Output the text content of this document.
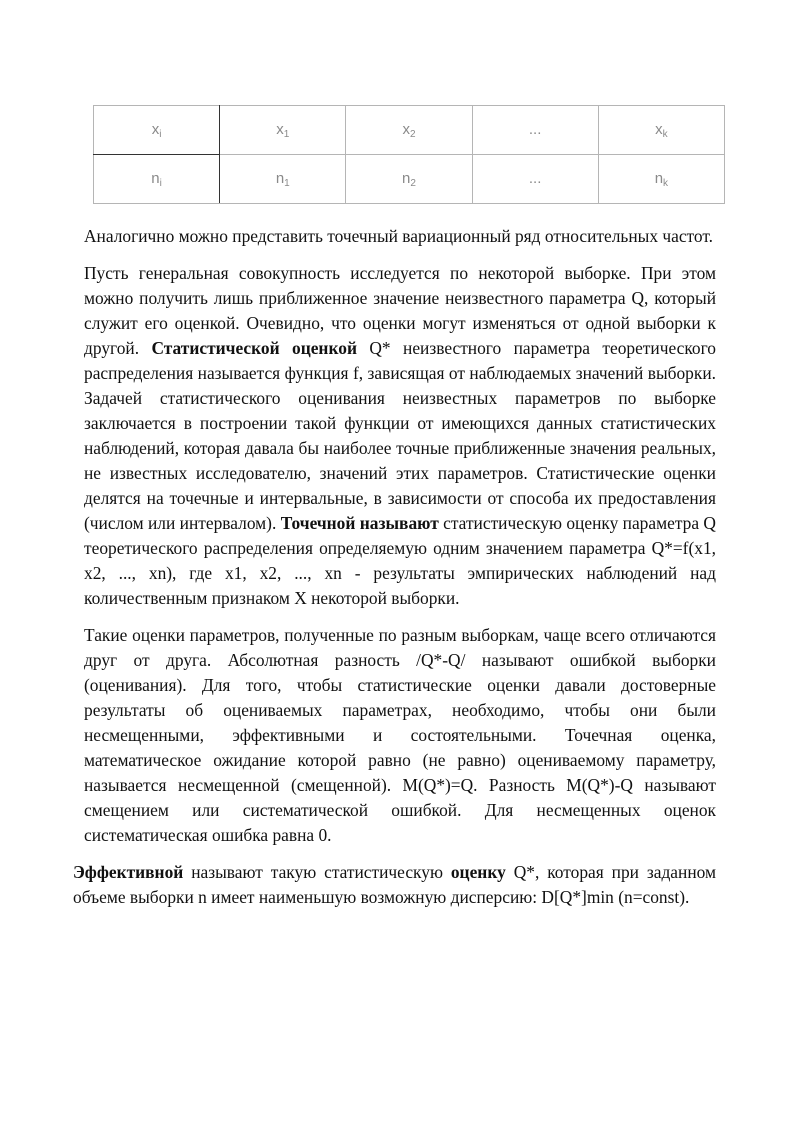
$x_i$	$x_1$	$x_2$	...	$x_k$
$n_i$	$n_1$	$n_2$	...	$n_k$

Аналогично можно представить точечный вариационный ряд относительных частот.

Пусть генеральная совокупность исследуется по некоторой выборке. При этом можно получить лишь приближенное значение неизвестного параметра Q, который служит его оценкой. Очевидно, что оценки могут изменяться от одной выборки к другой. Статистической оценкой Q* неизвестного параметра теоретического распределения называется функция f, зависящая от наблюдаемых значений выборки. Задачей статистического оценивания неизвестных параметров по выборке заключается в построении такой функции от имеющихся данных статистических наблюдений, которая давала бы наиболее точные приближенные значения реальных, не известных исследователю, значений этих параметров. Статистические оценки делятся на точечные и интервальные, в зависимости от способа их предоставления (числом или интервалом). Точечной называют статистическую оценку параметра Q теоретического распределения определяемую одним значением параметра Q*=f(x1, x2, ..., xn), где x1, x2, ..., xn - результаты эмпирических наблюдений над количественным признаком X некоторой выборки.

Такие оценки параметров, полученные по разным выборкам, чаще всего отличаются друг от друга. Абсолютная разность /Q*-Q/ называют ошибкой выборки (оценивания). Для того, чтобы статистические оценки давали достоверные результаты об оцениваемых параметрах, необходимо, чтобы они были несмещенными, эффективными и состоятельными. Точечная оценка, математическое ожидание которой равно (не равно) оцениваемому параметру, называется несмещенной (смещенной). M(Q*)=Q. Разность M(Q*)-Q называют смещением или систематической ошибкой. Для несмещенных оценок систематическая ошибка равна 0.

Эффективной называют такую статистическую оценку Q*, которая при заданном объеме выборки n имеет наименьшую возможную дисперсию: D[Q*]min (n=const).
